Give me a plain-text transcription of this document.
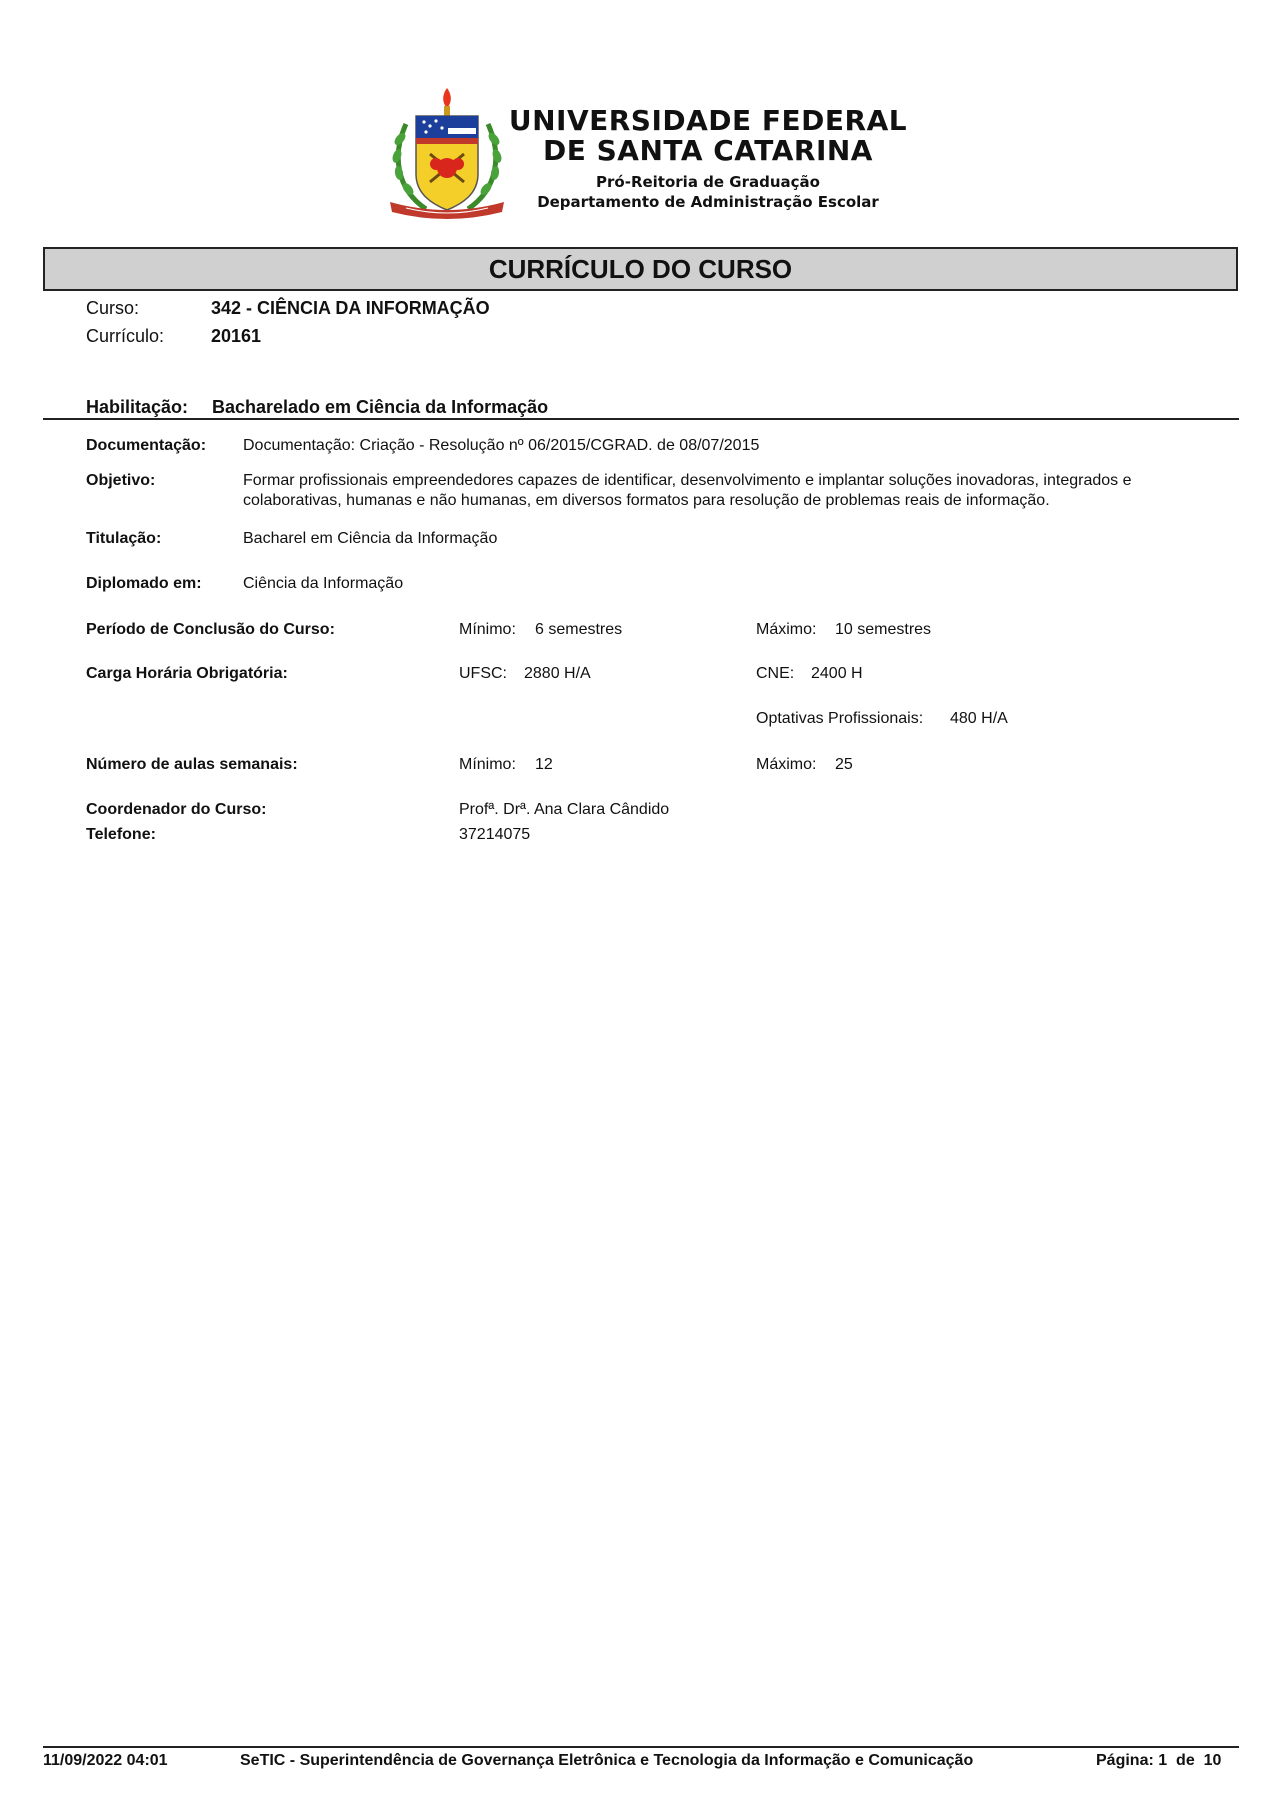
UNIVERSIDADE FEDERAL
DE SANTA CATARINA
Pró-Reitoria de Graduação
Departamento de Administração Escolar
CURRÍCULO DO CURSO
Curso:	342 - CIÊNCIA DA INFORMAÇÃO
Currículo:	20161
Habilitação: Bacharelado em Ciência da Informação
Documentação: Documentação: Criação - Resolução nº 06/2015/CGRAD. de 08/07/2015
Objetivo:	Formar profissionais empreendedores capazes de identificar, desenvolvimento e implantar soluções inovadoras, integrados e
colaborativas, humanas e não humanas, em diversos formatos para resolução de problemas reais de informação.
Titulação:	Bacharel em Ciência da Informação
Diplomado em:	Ciência da Informação
Período de Conclusão do Curso:	Mínimo: 6 semestres	Máximo: 10 semestres
Carga Horária Obrigatória:	UFSC: 2880 H/A	CNE: 2400 H
Optativas Profissionais: 480 H/A
Número de aulas semanais:	Mínimo: 12	Máximo: 25
Coordenador do Curso:	Profª. Drª. Ana Clara Cândido
Telefone:	37214075
11/09/2022 04:01	SeTIC - Superintendência de Governança Eletrônica e Tecnologia da Informação e Comunicação	Página: 1 de 10
